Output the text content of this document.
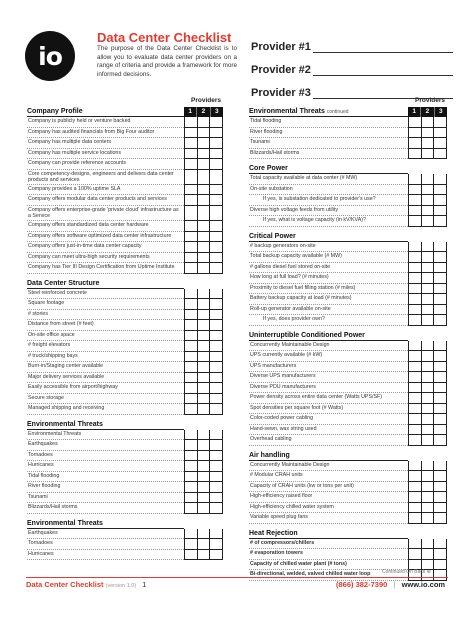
io
Data Center Checklist
The purpose of the Data Center Checklist is to allow you to evaluate data center providers on a range of criteria and provide a framework for more informed decisions.
Provider #1
Provider #2
Provider #3
Providers
Company Profile	1	2	3
Company is publicly held or venture backed
Company has audited financials from Big Four auditor
Company has multiple data centers
Company has multiple service locations
Company can provide reference accounts
Core competency-designs, engineers and delivers data center products and services
Company provides a 100% uptime SLA
Company offers modular data center products and services
Company offers enterprise-grade 'private cloud' infrastructure as a Service
Company offers standardized data center hardware
Company offers software optimized data center infrastructure
Company offers just-in-time data center capacity
Company can meet ultra-high security requirements
Company has Tier III Design Certification from Uptime Institute
Data Center Structure
Steel reinforced concrete
Square footage
# stories
Distance from street (# feet)
On-site office space
# freight elevators
# truck/shipping bays
Burn-in/Staging center available
Major delivery services available
Easily accessible from airport/highway
Secure storage
Managed shipping and receiving
Environmental Threats
Environmental Threats
Earthquakes
Tornadoes
Hurricanes
Tidal flooding
River flooding
Tsunami
Blizzards/Hail storms
Environmental Threats
Earthquakes
Tornadoes
Hurricanes
Providers
Environmental Threats continued	1	2	3
Tidal flooding
River flooding
Tsunami
Blizzards/Hail storms
Core Power
Total capacity available at data center (# MW)
On-site substation
If yes, is substation dedicated to provider's use?
Diverse high voltage feeds from utility
If yes, what is voltage capacity (in kV/KVA)?
Critical Power
# backup generators on-site
Total backup capacity available (# MW)
# gallons diesel fuel stored on-site
How long at full load? (# minutes)
Proximity to diesel fuel filling station (# miles)
Battery backup capacity at load (# minutes)
Roll-up generator available on-site
If yes, does provider own?
Uninterruptible Conditioned Power
Concurrently Maintainable Design
UPS currently available (# kW)
UPS manufacturers
Diverse UPS manufacturers
Diverse PDU manufacturers
Power density across entire data center (Watts UPS/SF)
Spot densities per square foot (# Watts)
Color-coded power cabling
Hand-sewn, wax string used
Overhead cabling
Air handling
Concurrently Maintainable Design
# Modular CRAH units
Capacity of CRAH units (kw or tons per unit)
High-efficiency raised floor
High-efficiency chilled water system
Variable speed plug fans
Heat Rejection
# of compressors/chillers
# evaporation towers
Capacity of chilled water plant (# tons)
Bi-directional, welded, valved chilled water loop	Continued On Back ⊕
Data Center Checklist (version 1.0) 1	(866) 382-7390 | www.io.com
